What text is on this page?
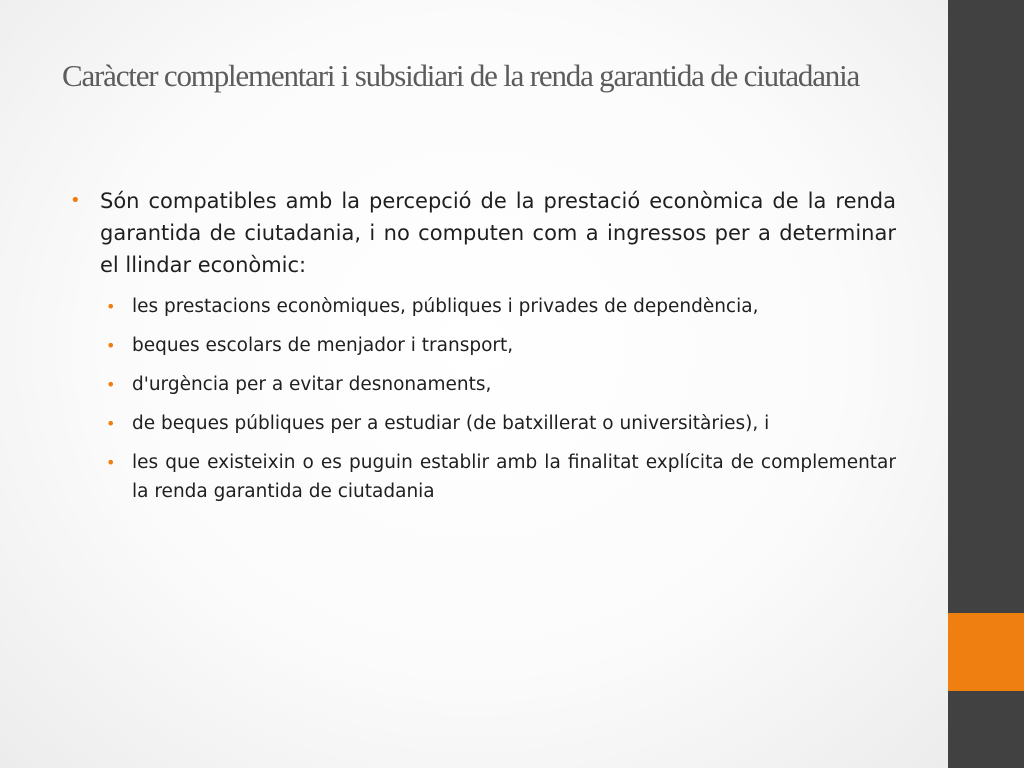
Caràcter complementari i subsidiari de la renda garantida de ciutadania
• Són compatibles amb la percepció de la prestació econòmica de la renda garantida de ciutadania, i no computen com a ingressos per a determinar el llindar econòmic:
• les prestacions econòmiques, públiques i privades de dependència,
• beques escolars de menjador i transport,
• d'urgència per a evitar desnonaments,
• de beques públiques per a estudiar (de batxillerat o universitàries), i
• les que existeixin o es puguin establir amb la finalitat explícita de complementar la renda garantida de ciutadania
